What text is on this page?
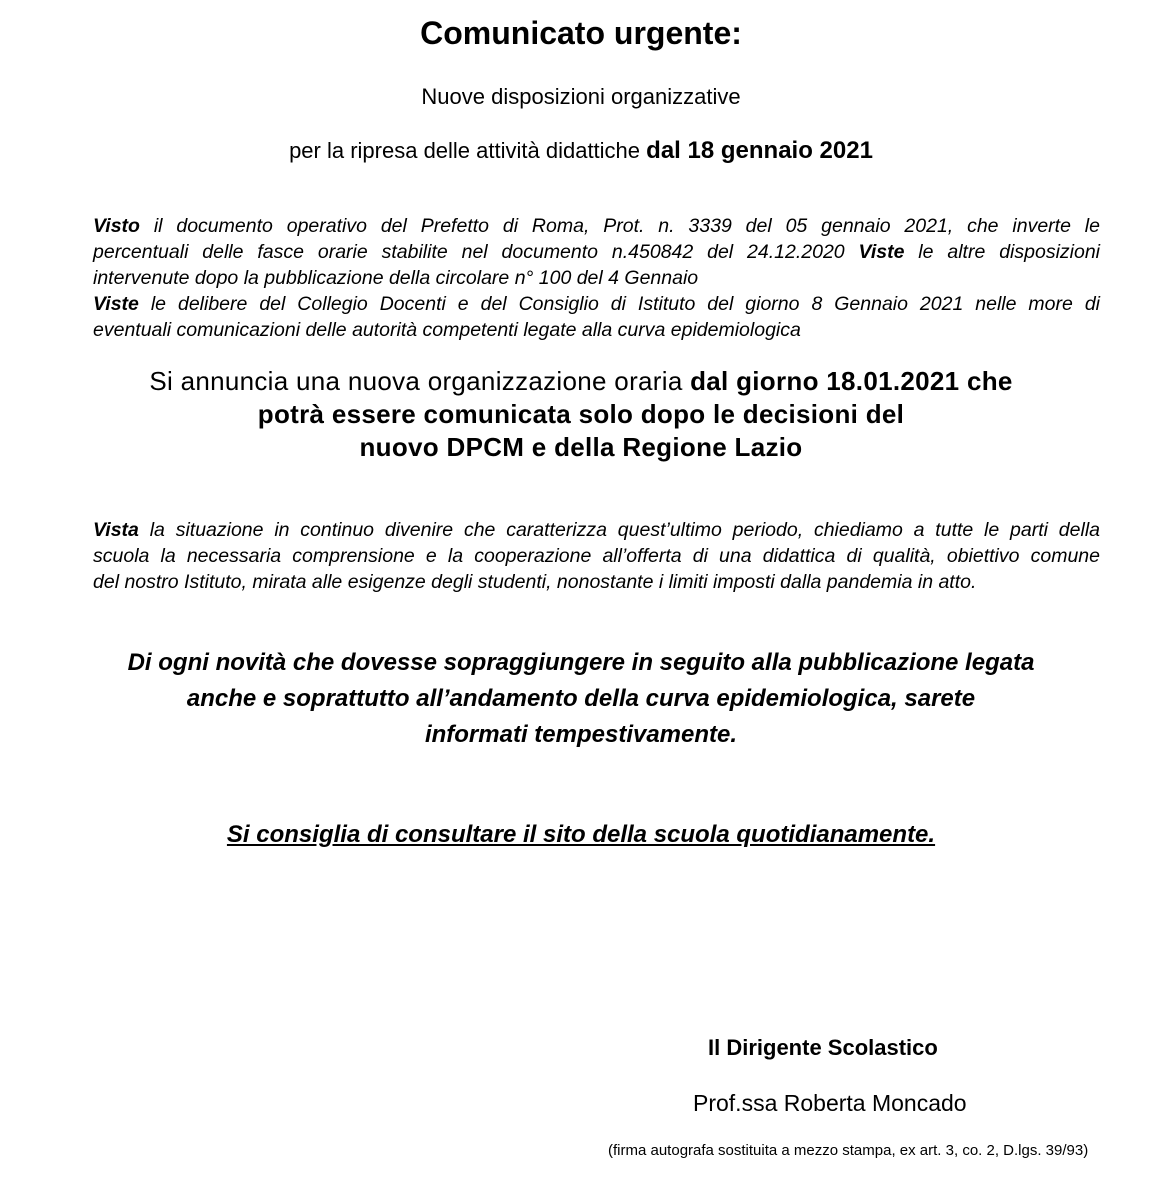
Comunicato urgente:
Nuove disposizioni organizzative
per la ripresa delle attività didattiche dal 18 gennaio 2021
Visto il documento operativo del Prefetto di Roma, Prot. n. 3339 del 05 gennaio 2021, che inverte le
percentuali delle fasce orarie stabilite nel documento n.450842 del 24.12.2020 Viste le altre disposizioni
intervenute dopo la pubblicazione della circolare n° 100 del 4 Gennaio
Viste le delibere del Collegio Docenti e del Consiglio di Istituto del giorno 8 Gennaio 2021 nelle more di
eventuali comunicazioni delle autorità competenti legate alla curva epidemiologica
Si annuncia una nuova organizzazione oraria dal giorno 18.01.2021 che
potrà essere comunicata solo dopo le decisioni del
nuovo DPCM e della Regione Lazio
Vista la situazione in continuo divenire che caratterizza quest’ultimo periodo, chiediamo a tutte le parti della
scuola la necessaria comprensione e la cooperazione all’offerta di una didattica di qualità, obiettivo comune
del nostro Istituto, mirata alle esigenze degli studenti, nonostante i limiti imposti dalla pandemia in atto.
Di ogni novità che dovesse sopraggiungere in seguito alla pubblicazione legata
anche e soprattutto all’andamento della curva epidemiologica, sarete
informati tempestivamente.
Si consiglia di consultare il sito della scuola quotidianamente.
Il Dirigente Scolastico
Prof.ssa Roberta Moncado
(firma autografa sostituita a mezzo stampa, ex art. 3, co. 2, D.lgs. 39/93)
